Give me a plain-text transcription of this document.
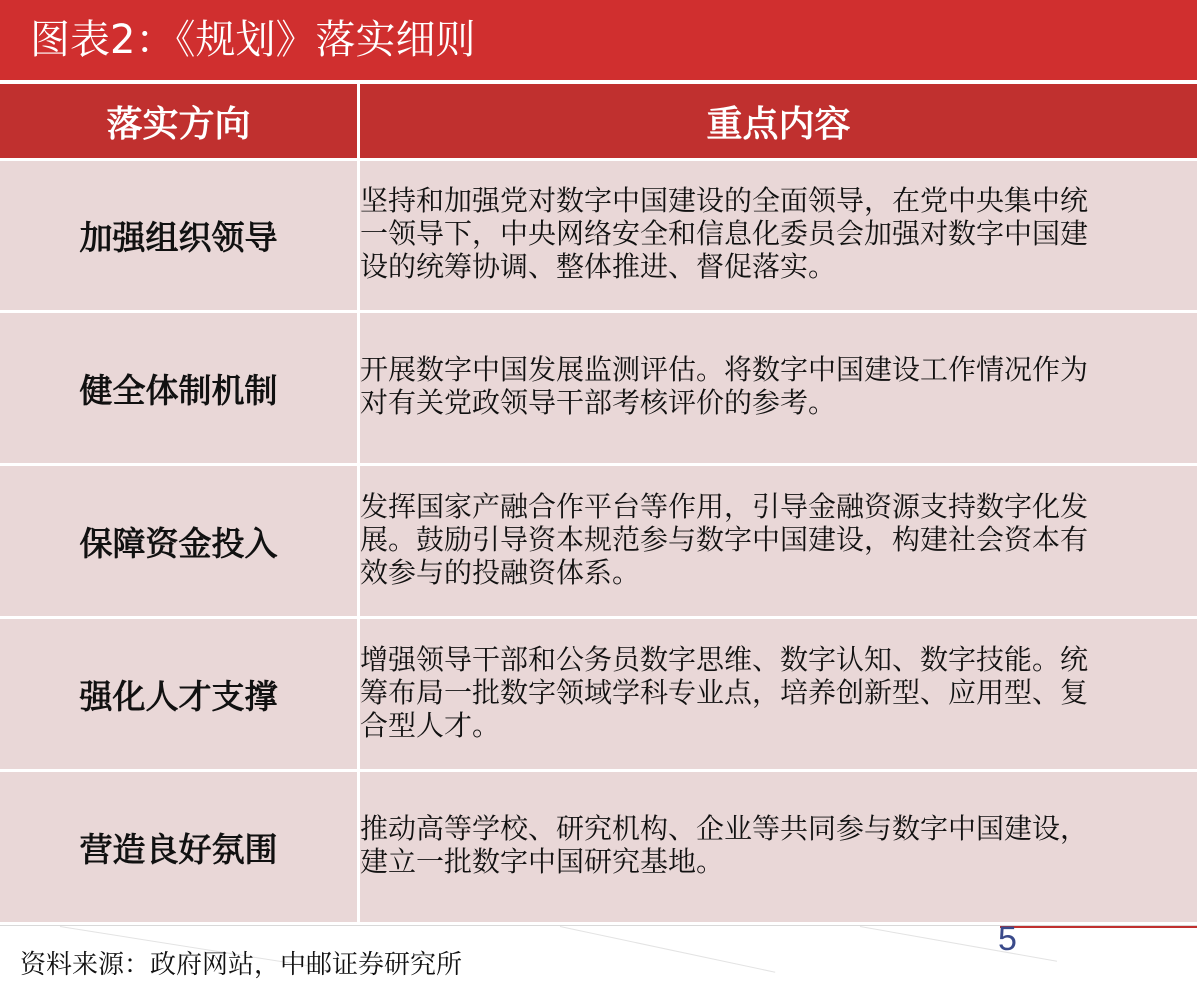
图表2：《规划》落实细则
落实方向	重点内容
加强组织领导
坚持和加强党对数字中国建设的全面领导，在党中央集中统
一领导下，中央网络安全和信息化委员会加强对数字中国建
设的统筹协调、整体推进、督促落实。
健全体制机制
开展数字中国发展监测评估。将数字中国建设工作情况作为
对有关党政领导干部考核评价的参考。
保障资金投入
发挥国家产融合作平台等作用，引导金融资源支持数字化发
展。鼓励引导资本规范参与数字中国建设，构建社会资本有
效参与的投融资体系。
强化人才支撑
增强领导干部和公务员数字思维、数字认知、数字技能。统
筹布局一批数字领域学科专业点，培养创新型、应用型、复
合型人才。
营造良好氛围
推动高等学校、研究机构、企业等共同参与数字中国建设，
建立一批数字中国研究基地。
5
资料来源：政府网站，中邮证券研究所
